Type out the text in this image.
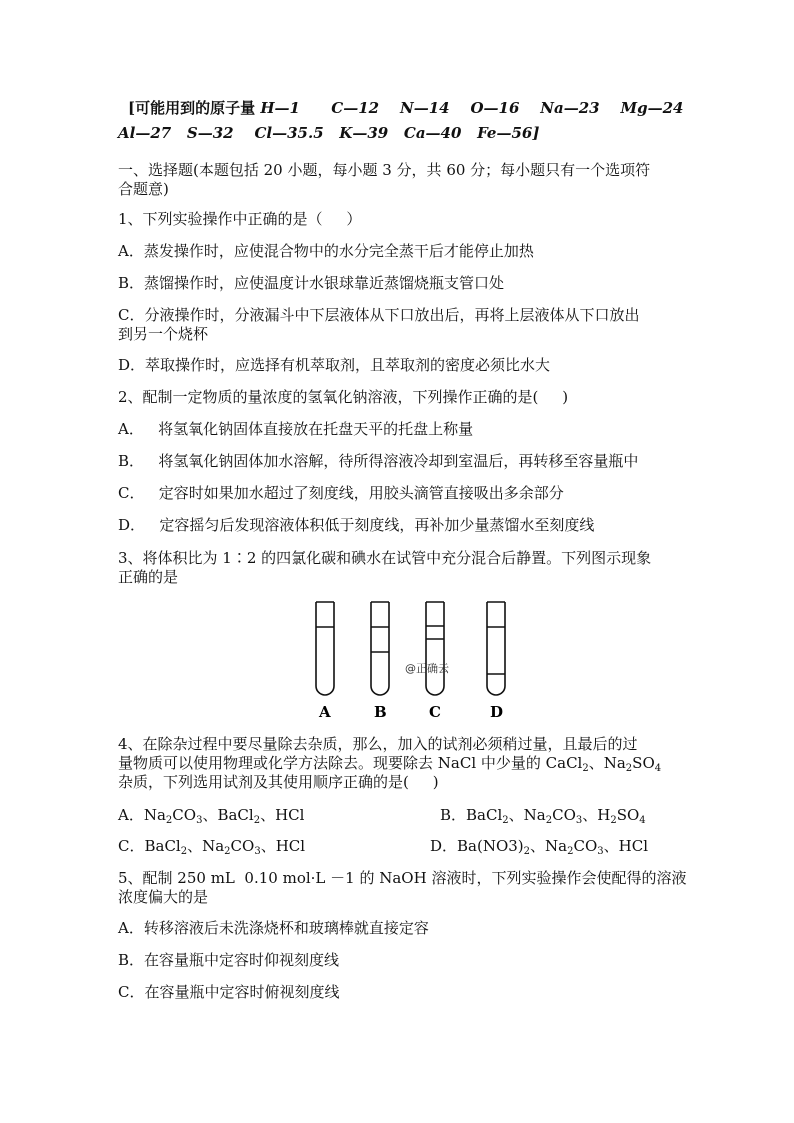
[可能用到的原子量 H—1      C—12    N—14    O—16    Na—23    Mg—24
Al—27   S—32    Cl—35.5   K—39   Ca—40   Fe—56]
一、选择题(本题包括 20 小题，每小题 3 分，共 60 分；每小题只有一个选项符
合题意)
1、下列实验操作中正确的是（     ）
A．蒸发操作时，应使混合物中的水分完全蒸干后才能停止加热
B．蒸馏操作时，应使温度计水银球靠近蒸馏烧瓶支管口处
C．分液操作时，分液漏斗中下层液体从下口放出后，再将上层液体从下口放出
到另一个烧杯
D．萃取操作时，应选择有机萃取剂，且萃取剂的密度必须比水大
2、配制一定物质的量浓度的氢氧化钠溶液，下列操作正确的是(     )
A．   将氢氧化钠固体直接放在托盘天平的托盘上称量
B．   将氢氧化钠固体加水溶解，待所得溶液冷却到室温后，再转移至容量瓶中
C．   定容时如果加水超过了刻度线，用胶头滴管直接吸出多余部分
D．   定容摇匀后发现溶液体积低于刻度线，再补加少量蒸馏水至刻度线
3、将体积比为 1∶2 的四氯化碳和碘水在试管中充分混合后静置。下列图示现象
正确的是
@正确云
A	B	C	D
4、在除杂过程中要尽量除去杂质，那么，加入的试剂必须稍过量，且最后的过
量物质可以使用物理或化学方法除去。现要除去 NaCl 中少量的 CaCl$_2$、$Na_2SO_4$
杂质，下列选用试剂及其使用顺序正确的是(     )
A．$Na_2CO_3$、BaCl$_2$、HCl	B．BaCl$_2$、$Na_2CO_3$、$H_2SO_4$
C．BaCl$_2$、$Na_2CO_3$、HCl	D．$Ba(NO3)_2$、$Na_2CO_3$、HCl
5、配制 250 mL  0.10 mol·L －1 的 NaOH 溶液时，下列实验操作会使配得的溶液
浓度偏大的是
A．转移溶液后未洗涤烧杯和玻璃棒就直接定容
B．在容量瓶中定容时仰视刻度线
C．在容量瓶中定容时俯视刻度线
